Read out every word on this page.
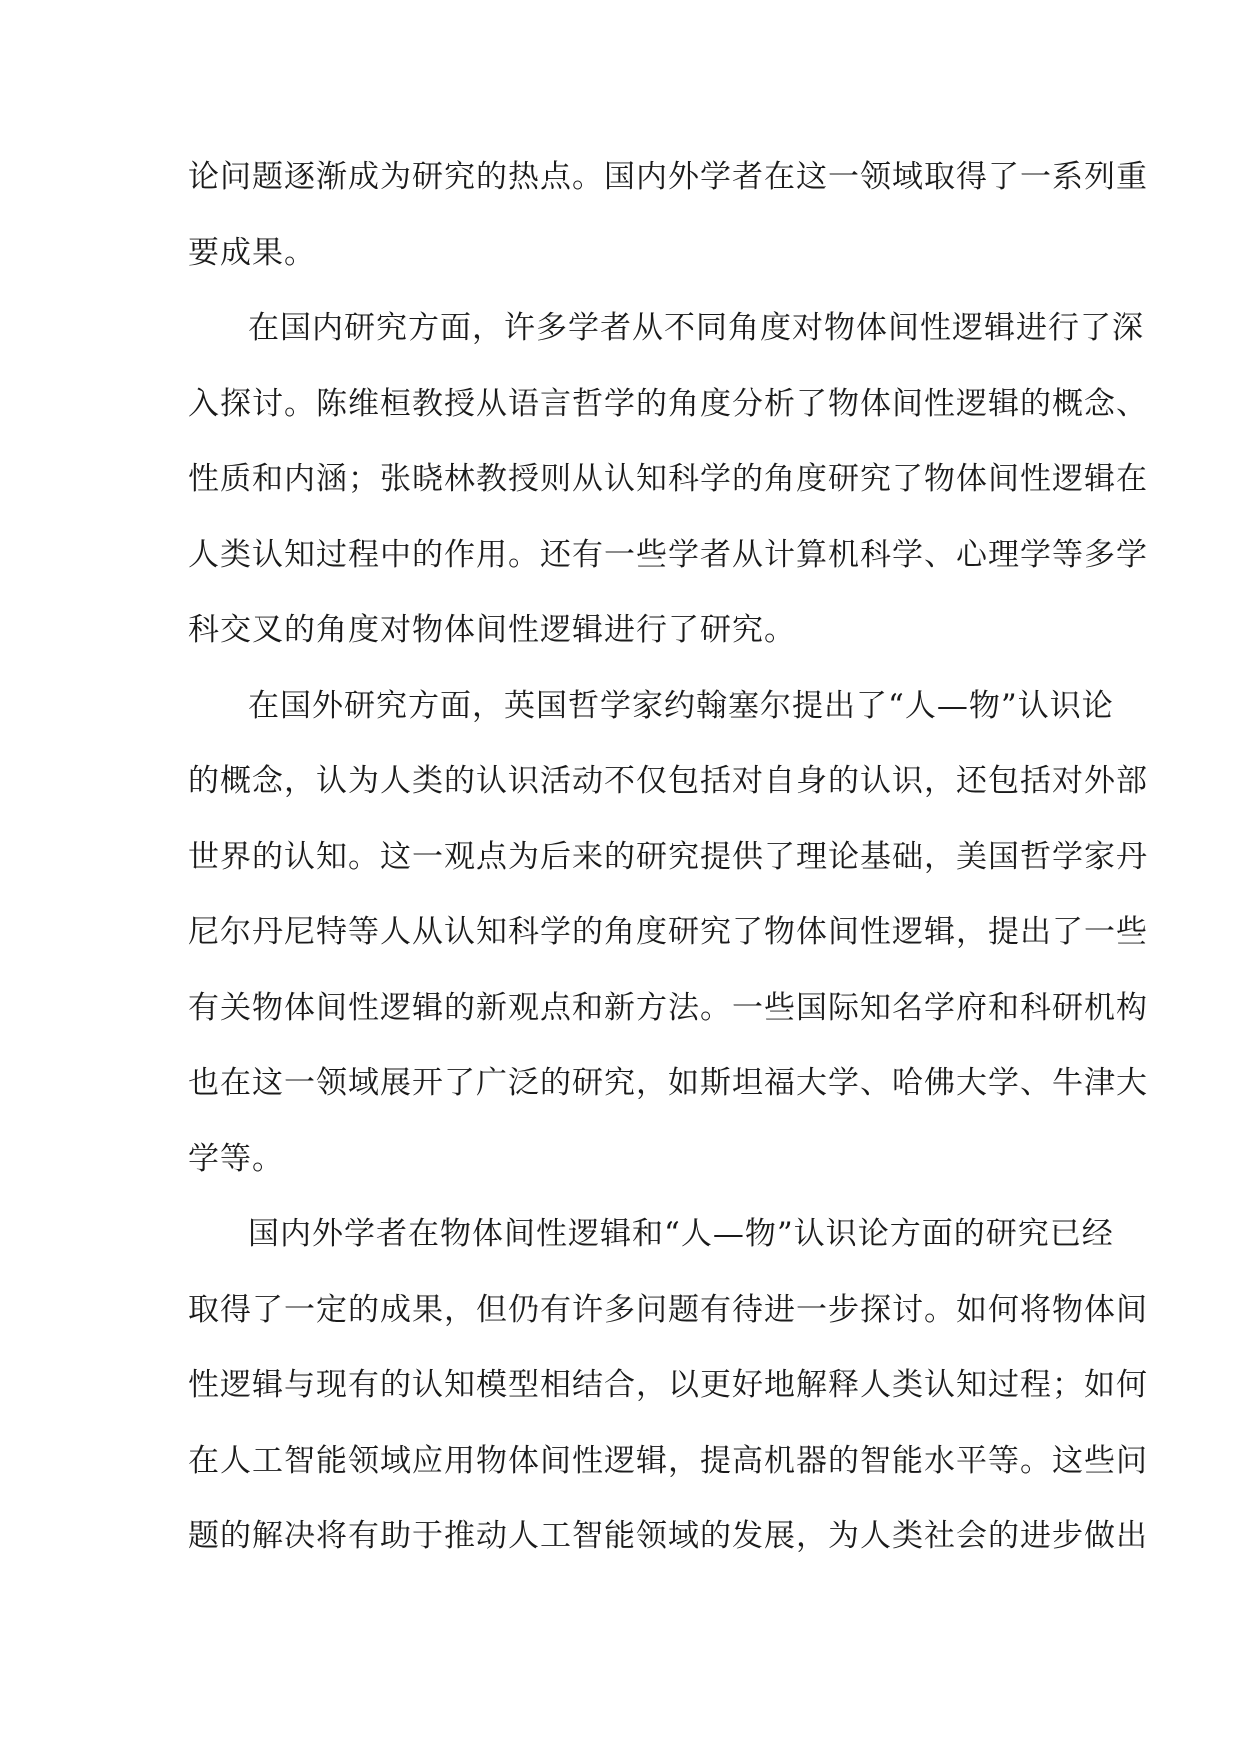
论问题逐渐成为研究的热点。国内外学者在这一领域取得了一系列重
要成果。
在国内研究方面，许多学者从不同角度对物体间性逻辑进行了深
入探讨。陈维桓教授从语言哲学的角度分析了物体间性逻辑的概念、
性质和内涵；张晓林教授则从认知科学的角度研究了物体间性逻辑在
人类认知过程中的作用。还有一些学者从计算机科学、心理学等多学
科交叉的角度对物体间性逻辑进行了研究。
在国外研究方面，英国哲学家约翰塞尔提出了“人—物”认识论
的概念，认为人类的认识活动不仅包括对自身的认识，还包括对外部
世界的认知。这一观点为后来的研究提供了理论基础，美国哲学家丹
尼尔丹尼特等人从认知科学的角度研究了物体间性逻辑，提出了一些
有关物体间性逻辑的新观点和新方法。一些国际知名学府和科研机构
也在这一领域展开了广泛的研究，如斯坦福大学、哈佛大学、牛津大
学等。
国内外学者在物体间性逻辑和“人—物”认识论方面的研究已经
取得了一定的成果，但仍有许多问题有待进一步探讨。如何将物体间
性逻辑与现有的认知模型相结合，以更好地解释人类认知过程；如何
在人工智能领域应用物体间性逻辑，提高机器的智能水平等。这些问
题的解决将有助于推动人工智能领域的发展，为人类社会的进步做出
